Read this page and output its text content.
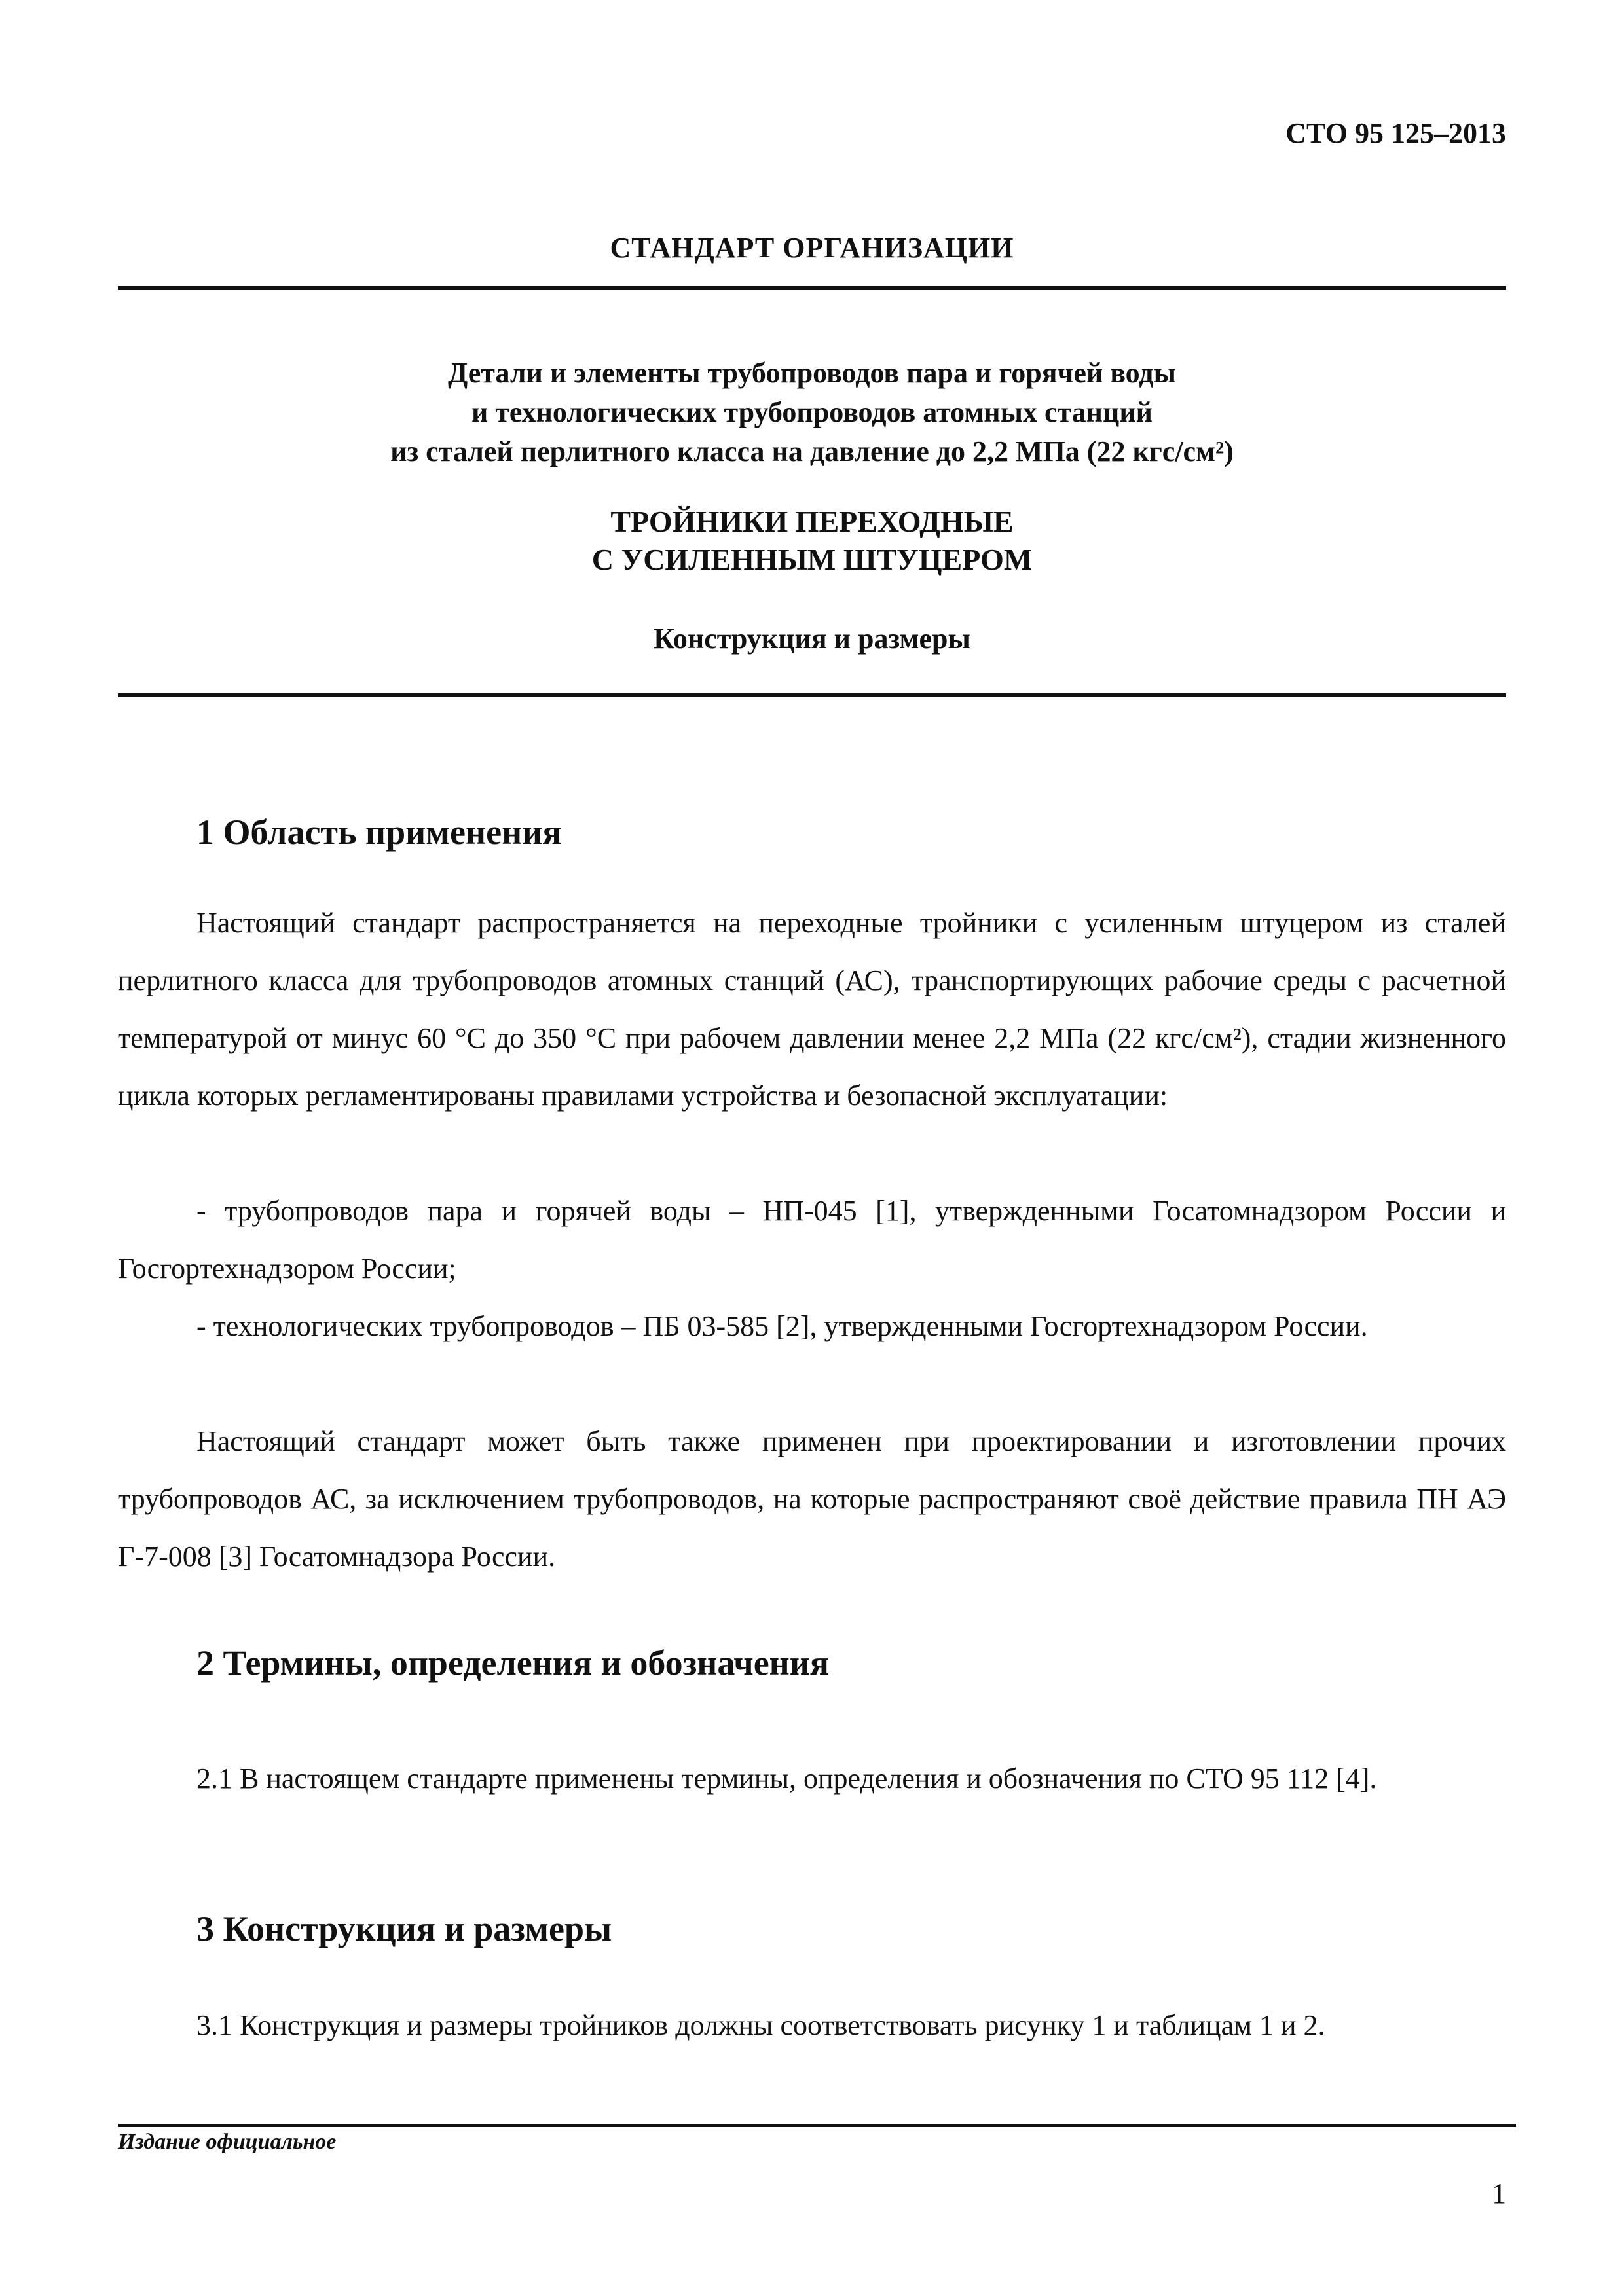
СТО 95 125–2013
СТАНДАРТ ОРГАНИЗАЦИИ
Детали и элементы трубопроводов пара и горячей воды
и технологических трубопроводов атомных станций
из сталей перлитного класса на давление до 2,2 МПа (22 кгс/см²)
ТРОЙНИКИ ПЕРЕХОДНЫЕ
С УСИЛЕННЫМ ШТУЦЕРОМ
Конструкция и размеры
1 Область применения

Настоящий стандарт распространяется на переходные тройники с усиленным штуцером из сталей перлитного класса для трубопроводов атомных станций (АС), транспортирующих рабочие среды с расчетной температурой от минус 60 °С до 350 °С при рабочем давлении менее 2,2 МПа (22 кгс/см²), стадии жизненного цикла которых регламентированы правилами устройства и безопасной эксплуатации:

- трубопроводов пара и горячей воды – НП-045 [1], утвержденными Госатомнадзором России и Госгортехнадзором России;

- технологических трубопроводов – ПБ 03-585 [2], утвержденными Госгортехнадзором России.

Настоящий стандарт может быть также применен при проектировании и изготовлении прочих трубопроводов АС, за исключением трубопроводов, на которые распространяют своё действие правила ПН АЭ Г-7-008 [3] Госатомнадзора России.

2 Термины, определения и обозначения

2.1 В настоящем стандарте применены термины, определения и обозначения по СТО 95 112 [4].

3 Конструкция и размеры

3.1 Конструкция и размеры тройников должны соответствовать рисунку 1 и таблицам 1 и 2.

Издание официальное
1
